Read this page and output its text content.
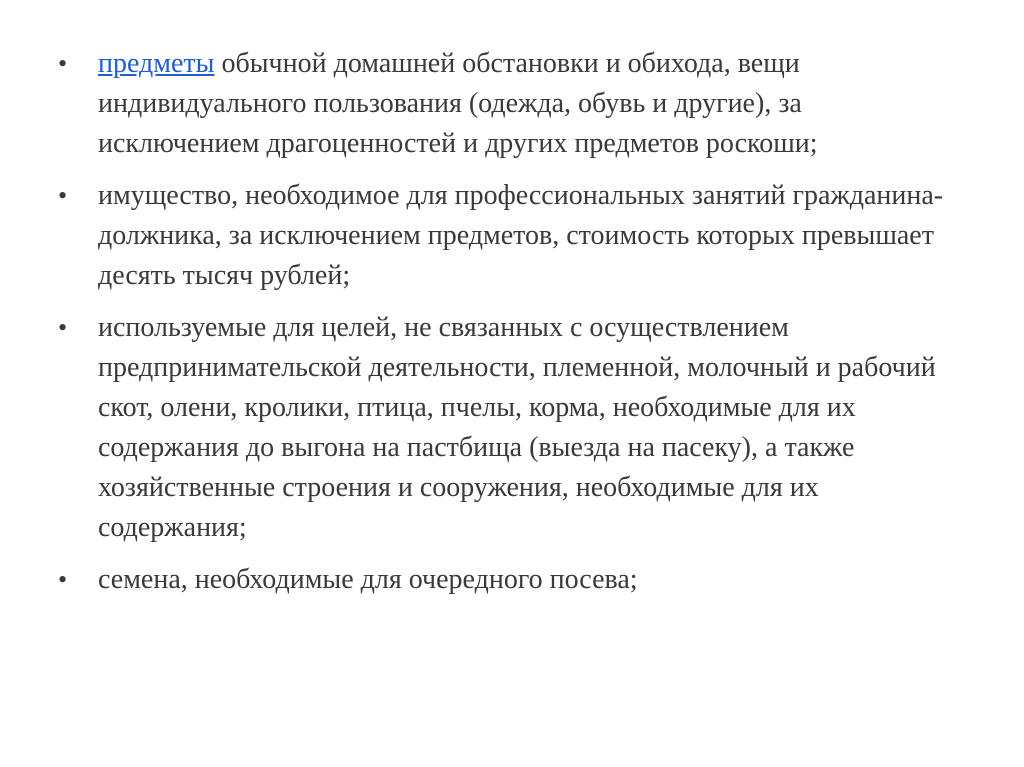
•	предметы обычной домашней обстановки и обихода, вещи индивидуального пользования (одежда, обувь и другие), за исключением драгоценностей и других предметов роскоши;
•	имущество, необходимое для профессиональных занятий гражданина-должника, за исключением предметов, стоимость которых превышает десять тысяч рублей;
•	используемые для целей, не связанных с осуществлением предпринимательской деятельности, племенной, молочный и рабочий скот, олени, кролики, птица, пчелы, корма, необходимые для их содержания до выгона на пастбища (выезда на пасеку), а также хозяйственные строения и сооружения, необходимые для их содержания;
•	семена, необходимые для очередного посева;
